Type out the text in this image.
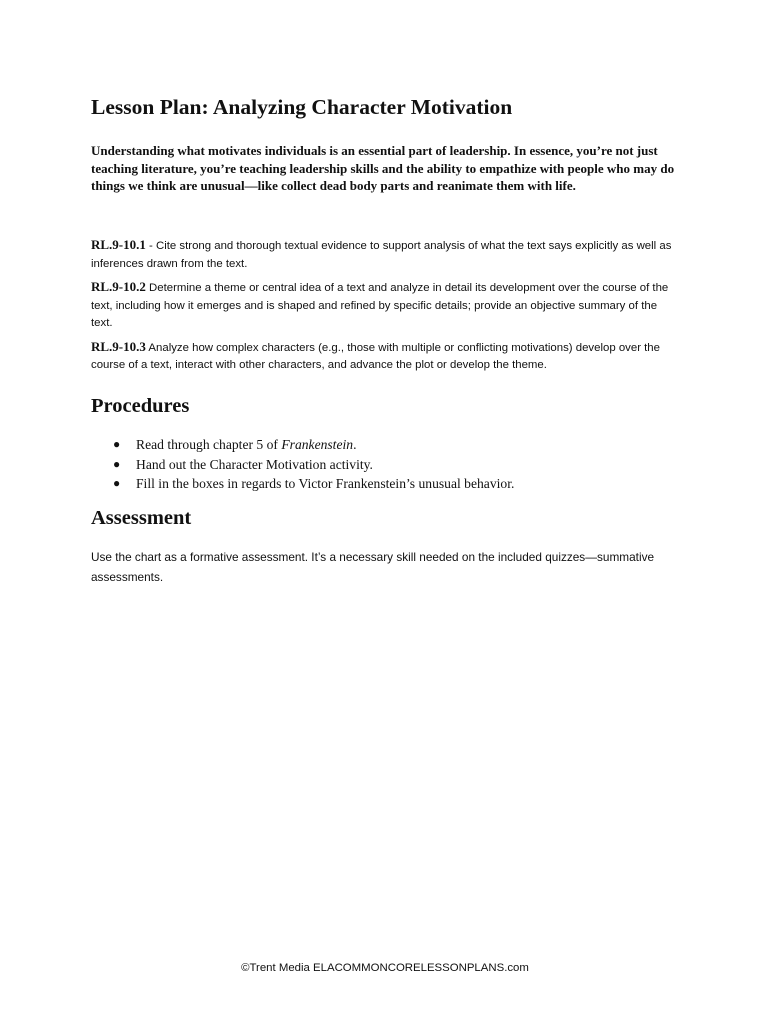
Lesson Plan: Analyzing Character Motivation

Understanding what motivates individuals is an essential part of leadership. In essence, you’re not just teaching literature, you’re teaching leadership skills and the ability to empathize with people who may do things we think are unusual—like collect dead body parts and reanimate them with life.

RL.9-10.1 - Cite strong and thorough textual evidence to support analysis of what the text says explicitly as well as inferences drawn from the text.

RL.9-10.2 Determine a theme or central idea of a text and analyze in detail its development over the course of the text, including how it emerges and is shaped and refined by specific details; provide an objective summary of the text.

RL.9-10.3 Analyze how complex characters (e.g., those with multiple or conflicting motivations) develop over the course of a text, interact with other characters, and advance the plot or develop the theme.

Procedures
● Read through chapter 5 of Frankenstein.
● Hand out the Character Motivation activity.
● Fill in the boxes in regards to Victor Frankenstein’s unusual behavior.
Assessment

Use the chart as a formative assessment. It’s a necessary skill needed on the included quizzes—summative assessments.

©Trent Media ELACOMMONCORELESSONPLANS.com
